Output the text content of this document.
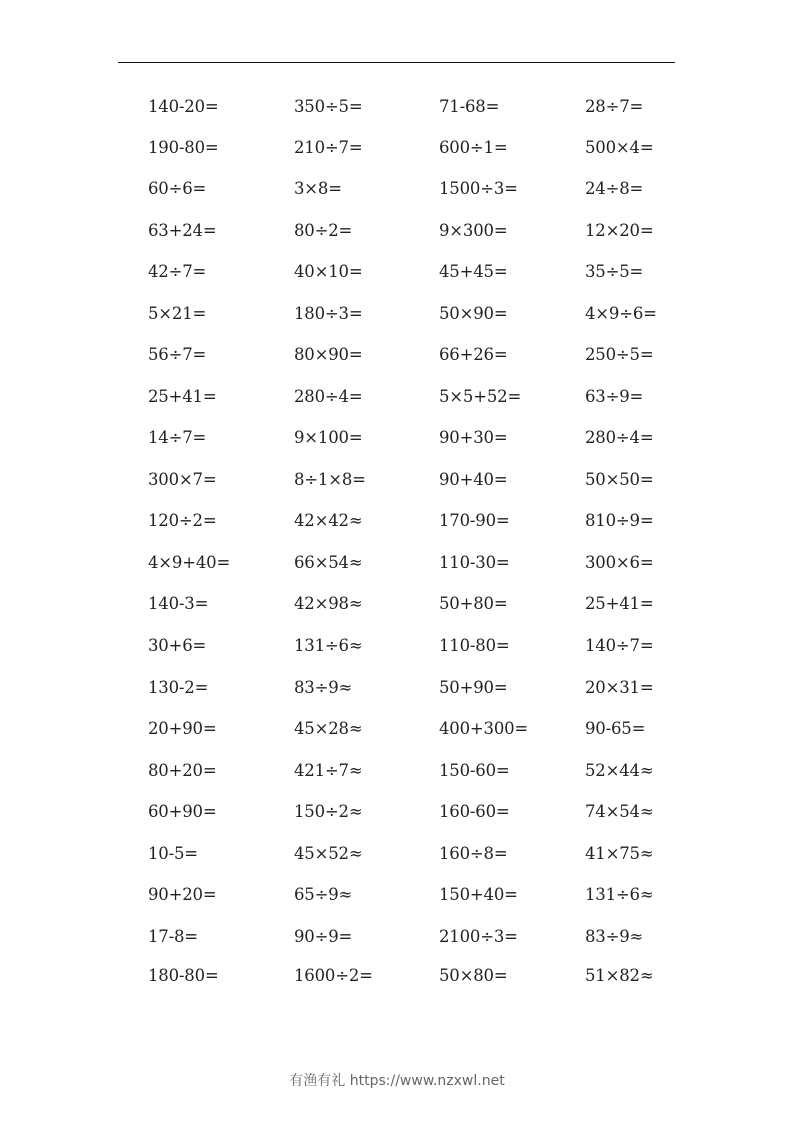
140-20=	350÷5=	71-68=	28÷7=
190-80=	210÷7=	600÷1=	500×4=
60÷6=	3×8=	1500÷3=	24÷8=
63+24=	80÷2=	9×300=	12×20=
42÷7=	40×10=	45+45=	35÷5=
5×21=	180÷3=	50×90=	4×9÷6=
56÷7=	80×90=	66+26=	250÷5=
25+41=	280÷4=	5×5+52=	63÷9=
14÷7=	9×100=	90+30=	280÷4=
300×7=	8÷1×8=	90+40=	50×50=
120÷2=	42×42≈	170-90=	810÷9=
4×9+40=	66×54≈	110-30=	300×6=
140-3=	42×98≈	50+80=	25+41=
30+6=	131÷6≈	110-80=	140÷7=
130-2=	83÷9≈	50+90=	20×31=
20+90=	45×28≈	400+300=	90-65=
80+20=	421÷7≈	150-60=	52×44≈
60+90=	150÷2≈	160-60=	74×54≈
10-5=	45×52≈	160÷8=	41×75≈
90+20=	65÷9≈	150+40=	131÷6≈
17-8=	90÷9=	2100÷3=	83÷9≈
180-80=	1600÷2=	50×80=	51×82≈
有渔有礼 https://www.nzxwl.net
